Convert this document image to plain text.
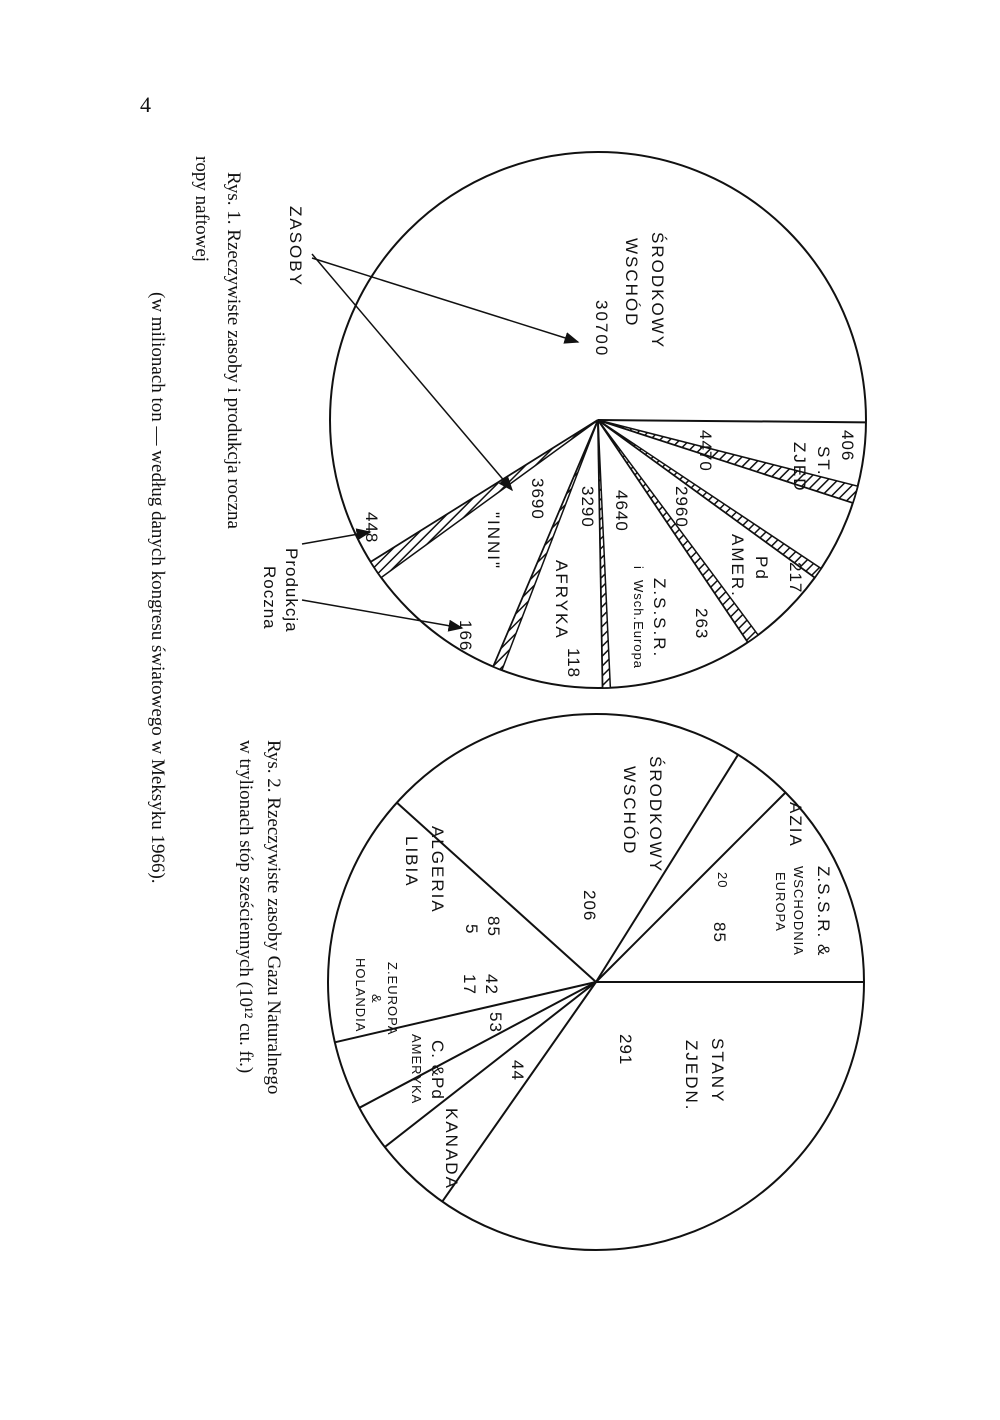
4
ŚRODKOWY
WSCHÓD
30700
406
ST.
ZJED
4470
2960
Pd
AMER. 217
Z.S.S.R.
i
Wsch.Europa
4640
263
3290
AFRYKA
118
3690
"INNI"
166
448
ZASOBY
Produkcja
Roczna
Rys. 1. Rzeczywiste zasoby i produkcja roczna
ropy naftowej
(w milionach ton — według danych kongresu światowego w Meksyku 1966).
STANY
ZJEDN.
291
KANADA
44
C. &Pd
AMERYKA
53
Z.EUROPA
&
HOLANDIA	42
17
ALGERIA
LIBIA
85
5
ŚRODKOWY
WSCHÓD
206
AZIA
20	Z.S.S.R. &
WSCHODNIA
EUROPA
85
Rys. 2. Rzeczywiste zasoby Gazu Naturalnego
w trylionach stóp sześciennych (10¹² cu. ft.)
